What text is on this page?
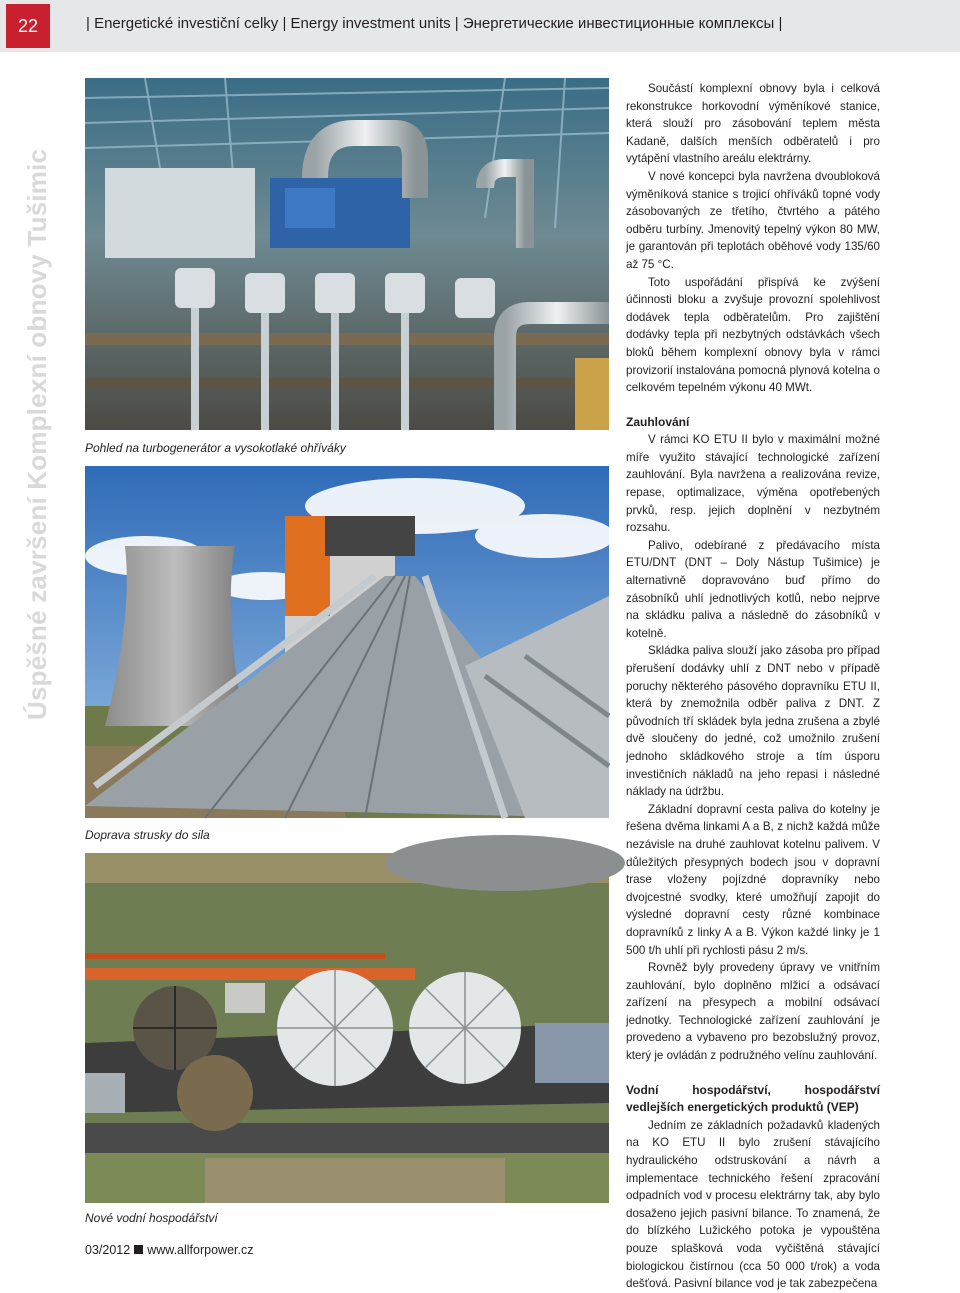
22	| Energetické investiční celky | Energy investment units | Энергетические инвестиционные комплексы |
Úspěšné završení Komplexní obnovy Tušimic	Pohled na turbogenerátor a vysokotlaké ohříváky
Doprava strusky do sila
Nové vodní hospodářství

Součástí komplexní obnovy byla i celková rekonstrukce horkovodní výměníkové stanice, která slouží pro zásobování teplem města Kadaně, dalších menších odběratelů i pro vytápění vlastního areálu elektrárny.

V nové koncepci byla navržena dvoubloková výměníková stanice s trojicí ohříváků topné vody zásobovaných ze třetího, čtvrtého a pátého odběru turbíny. Jmenovitý tepelný výkon 80 MW, je garantován při teplotách oběhové vody 135/60 až 75 °C.

Toto uspořádání přispívá ke zvýšení účinnosti bloku a zvyšuje provozní spolehlivost dodávek tepla odběratelům. Pro zajištění dodávky tepla při nezbytných odstávkách všech bloků během komplexní obnovy byla v rámci provizorií instalována pomocná plynová kotelna o celkovém tepelném výkonu 40 MWt.

Zauhlování

V rámci KO ETU II bylo v maximální možné míře využito stávající technologické zařízení zauhlování. Byla navržena a realizována revize, repase, optimalizace, výměna opotřebených prvků, resp. jejich doplnění v nezbytném rozsahu.

Palivo, odebírané z předávacího místa ETU/DNT (DNT – Doly Nástup Tušimice) je alternativně dopravováno buď přímo do zásobníků uhlí jednotlivých kotlů, nebo nejprve na skládku paliva a následně do zásobníků v kotelně.

Skládka paliva slouží jako zásoba pro případ přerušení dodávky uhlí z DNT nebo v případě poruchy některého pásového dopravníku ETU II, která by znemožnila odběr paliva z DNT. Z původních tří skládek byla jedna zrušena a zbylé dvě sloučeny do jedné, což umožnilo zrušení jednoho skládkového stroje a tím úsporu investičních nákladů na jeho repasi i následné náklady na údržbu.

Základní dopravní cesta paliva do kotelny je řešena dvěma linkami A a B, z nichž každá může nezávisle na druhé zauhlovat kotelnu palivem. V důležitých přesypných bodech jsou v dopravní trase vloženy pojízdné dopravníky nebo dvojcestné svodky, které umožňují zapojit do výsledné dopravní cesty různé kombinace dopravníků z linky A a B. Výkon každé linky je 1 500 t/h uhlí při rychlosti pásu 2 m/s.

Rovněž byly provedeny úpravy ve vnitřním zauhlování, bylo doplněno mlžicí a odsávací zařízení na přesypech a mobilní odsávací jednotky. Technologické zařízení zauhlování je provedeno a vybaveno pro bezobslužný provoz, který je ovládán z podružného velínu zauhlování.

Vodní hospodářství, hospodářství vedlejších energetických produktů (VEP)

Jedním ze základních požadavků kladených na KO ETU II bylo zrušení stávajícího hydraulického odstruskování a návrh a implementace technického řešení zpracování odpadních vod v procesu elektrárny tak, aby bylo dosaženo jejich pasivní bilance. To znamená, že do blízkého Lužického potoka je vypouštěna pouze splašková voda vyčištěná stávající biologickou čistírnou (cca 50 000 t/rok) a voda dešťová. Pasivní bilance vod je tak zabezpečena

03/2012 www.allforpower.cz
